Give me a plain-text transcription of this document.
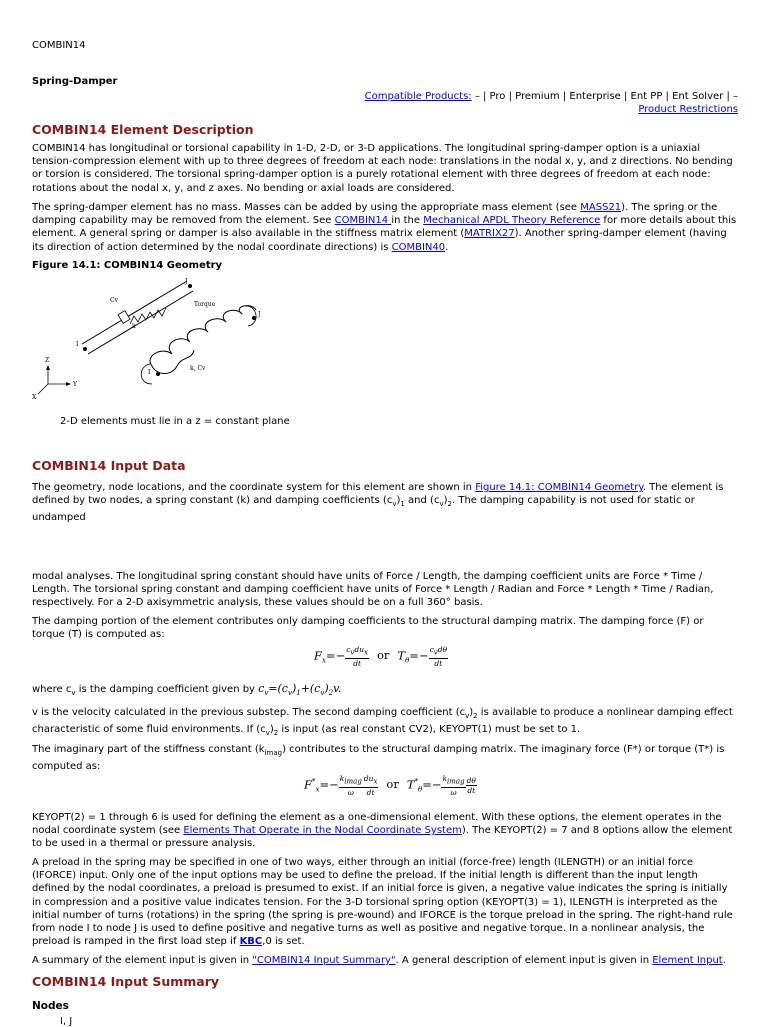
COMBIN14
Spring-Damper
Compatible Products: – | Pro | Premium | Enterprise | Ent PP | Ent Solver | –
Product Restrictions
COMBIN14 Element Description

COMBIN14 has longitudinal or torsional capability in 1-D, 2-D, or 3-D applications. The longitudinal spring-damper option is a uniaxial tension-compression element with up to three degrees of freedom at each node: translations in the nodal x, y, and z directions. No bending or torsion is considered. The torsional spring-damper option is a purely rotational element with three degrees of freedom at each node: rotations about the nodal x, y, and z axes. No bending or axial loads are considered.

The spring-damper element has no mass. Masses can be added by using the appropriate mass element (see MASS21). The spring or the damping capability may be removed from the element. See COMBIN14 in the Mechanical APDL Theory Reference for more details about this element. A general spring or damper is also available in the stiffness matrix element (MATRIX27). Another spring-damper element (having its direction of action determined by the nodal coordinate directions) is COMBIN40.

Figure 14.1: COMBIN14 Geometry
Cv
J
k
I
Torque
J
I
k, Cv
Z
Y
X
2-D elements must lie in a z = constant plane
COMBIN14 Input Data

The geometry, node locations, and the coordinate system for this element are shown in Figure 14.1: COMBIN14 Geometry. The element is defined by two nodes, a spring constant (k) and damping coefficients $(c_v)_1$ and $(c_v)_2$. The damping capability is not used for static or undamped

modal analyses. The longitudinal spring constant should have units of Force / Length, the damping coefficient units are Force * Time / Length. The torsional spring constant and damping coefficient have units of Force * Length / Radian and Force * Length * Time / Radian, respectively. For a 2-D axisymmetric analysis, these values should be on a full 360° basis.

The damping portion of the element contributes only damping coefficients to the structural damping matrix. The damping force (F) or torque (T) is computed as:

$F_x=- \frac{c_vdu_x}{dt}$ or $T_\theta=- \frac{c_vd\theta}{dt}$

where $c_v$ is the damping coefficient given by $c_v=(c_v)_1+(c_v)_2v$.

v is the velocity calculated in the previous substep. The second damping coefficient $(c_v)_2$ is available to produce a nonlinear damping effect characteristic of some fluid environments. If $(c_v)_2$ is input (as real constant CV2), KEYOPT(1) must be set to 1.

The imaginary part of the stiffness constant $(k_{imag})$ contributes to the structural damping matrix. The imaginary force (F*) or torque (T*) is computed as:

$F^*_x=- \frac{k_{imag}}{\omega} \frac{du_x}{dt}$ or $T^*_\theta=- \frac{k_{imag}}{\omega} \frac{d\theta}{dt}$

KEYOPT(2) = 1 through 6 is used for defining the element as a one-dimensional element. With these options, the element operates in the nodal coordinate system (see Elements That Operate in the Nodal Coordinate System). The KEYOPT(2) = 7 and 8 options allow the element to be used in a thermal or pressure analysis.

A preload in the spring may be specified in one of two ways, either through an initial (force-free) length (ILENGTH) or an initial force (IFORCE) input. Only one of the input options may be used to define the preload. If the initial length is different than the input length defined by the nodal coordinates, a preload is presumed to exist. If an initial force is given, a negative value indicates the spring is initially in compression and a positive value indicates tension. For the 3-D torsional spring option (KEYOPT(3) = 1), ILENGTH is interpreted as the initial number of turns (rotations) in the spring (the spring is pre-wound) and IFORCE is the torque preload in the spring. The right-hand rule from node I to node J is used to define positive and negative turns as well as positive and negative torque. In a nonlinear analysis, the preload is ramped in the first load step if KBC,0 is set.

A summary of the element input is given in "COMBIN14 Input Summary". A general description of element input is given in Element Input.

COMBIN14 Input Summary
Nodes
I, J
